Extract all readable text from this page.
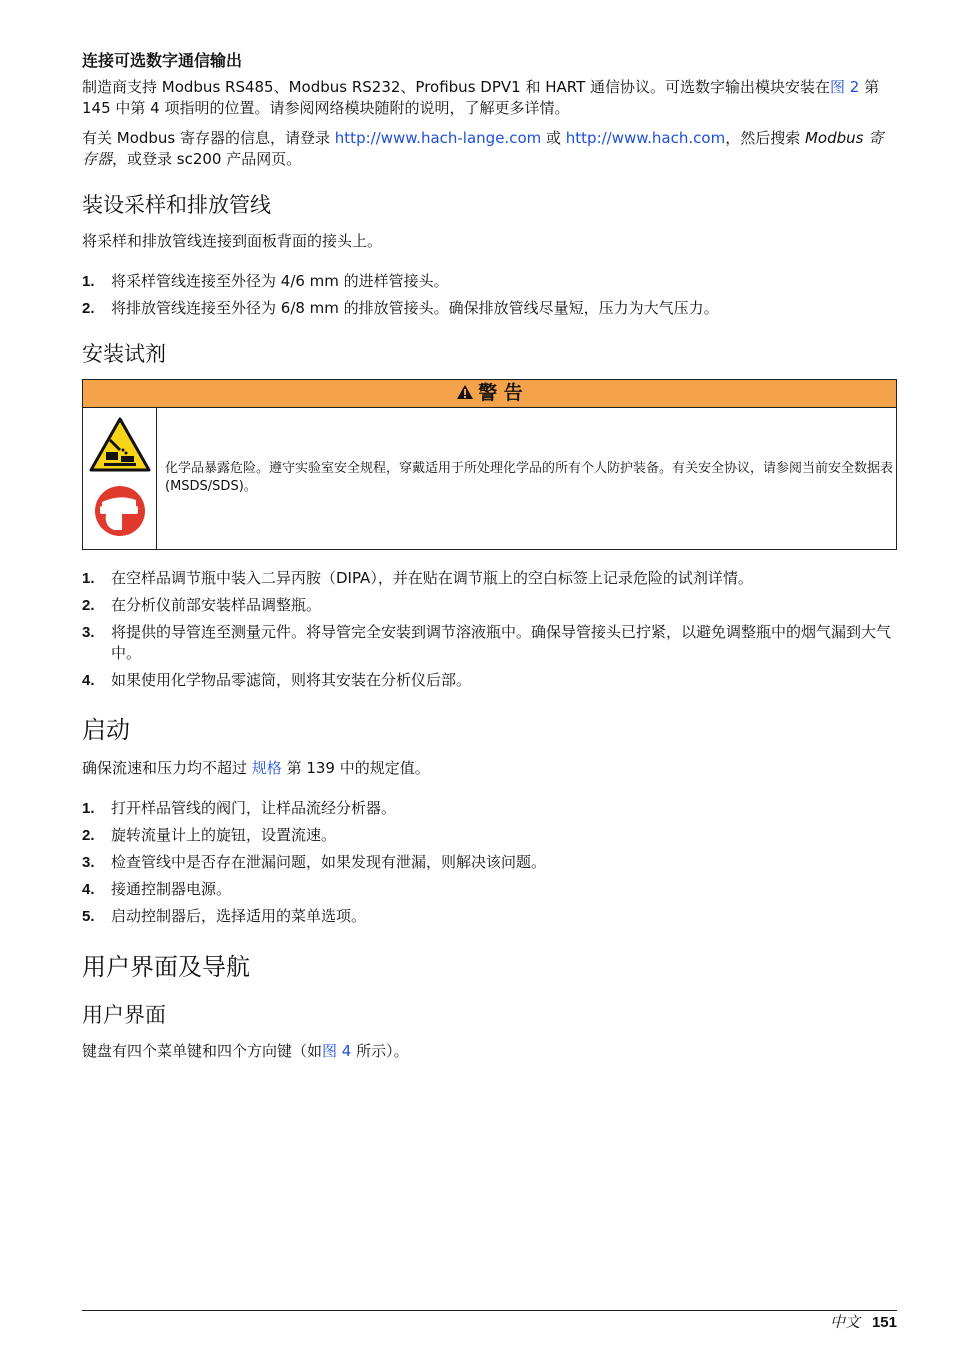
连接可选数字通信输出

制造商支持 Modbus RS485、Modbus RS232、Profibus DPV1 和 HART 通信协议。可选数字输出模块安装在图 2 第 145 中第 4 项指明的位置。请参阅网络模块随附的说明，了解更多详情。

有关 Modbus 寄存器的信息，请登录 http://www.hach-lange.com 或 http://www.hach.com，然后搜索 Modbus 寄存器，或登录 sc200 产品网页。

装设采样和排放管线

将采样和排放管线连接到面板背面的接头上。

1. 将采样管线连接至外径为 4/6 mm 的进样管接头。
2. 将排放管线连接至外径为 6/8 mm 的排放管接头。确保排放管线尽量短，压力为大气压力。
安装试剂
警 告
化学品暴露危险。遵守实验室安全规程，穿戴适用于所处理化学品的所有个人防护装备。有关安全协议，请参阅当前安全数据表 (MSDS/SDS)。
1. 在空样品调节瓶中装入二异丙胺（DIPA），并在贴在调节瓶上的空白标签上记录危险的试剂详情。
2. 在分析仪前部安装样品调整瓶。
3. 将提供的导管连至测量元件。将导管完全安装到调节溶液瓶中。确保导管接头已拧紧，以避免调整瓶中的烟气漏到大气中。
4. 如果使用化学物品零滤筒，则将其安装在分析仪后部。
启动

确保流速和压力均不超过 规格 第 139 中的规定值。

1. 打开样品管线的阀门，让样品流经分析器。
2. 旋转流量计上的旋钮，设置流速。
3. 检查管线中是否存在泄漏问题，如果发现有泄漏，则解决该问题。
4. 接通控制器电源。
5. 启动控制器后，选择适用的菜单选项。
用户界面及导航
用户界面

键盘有四个菜单键和四个方向键（如图 4 所示）。

中文 151
